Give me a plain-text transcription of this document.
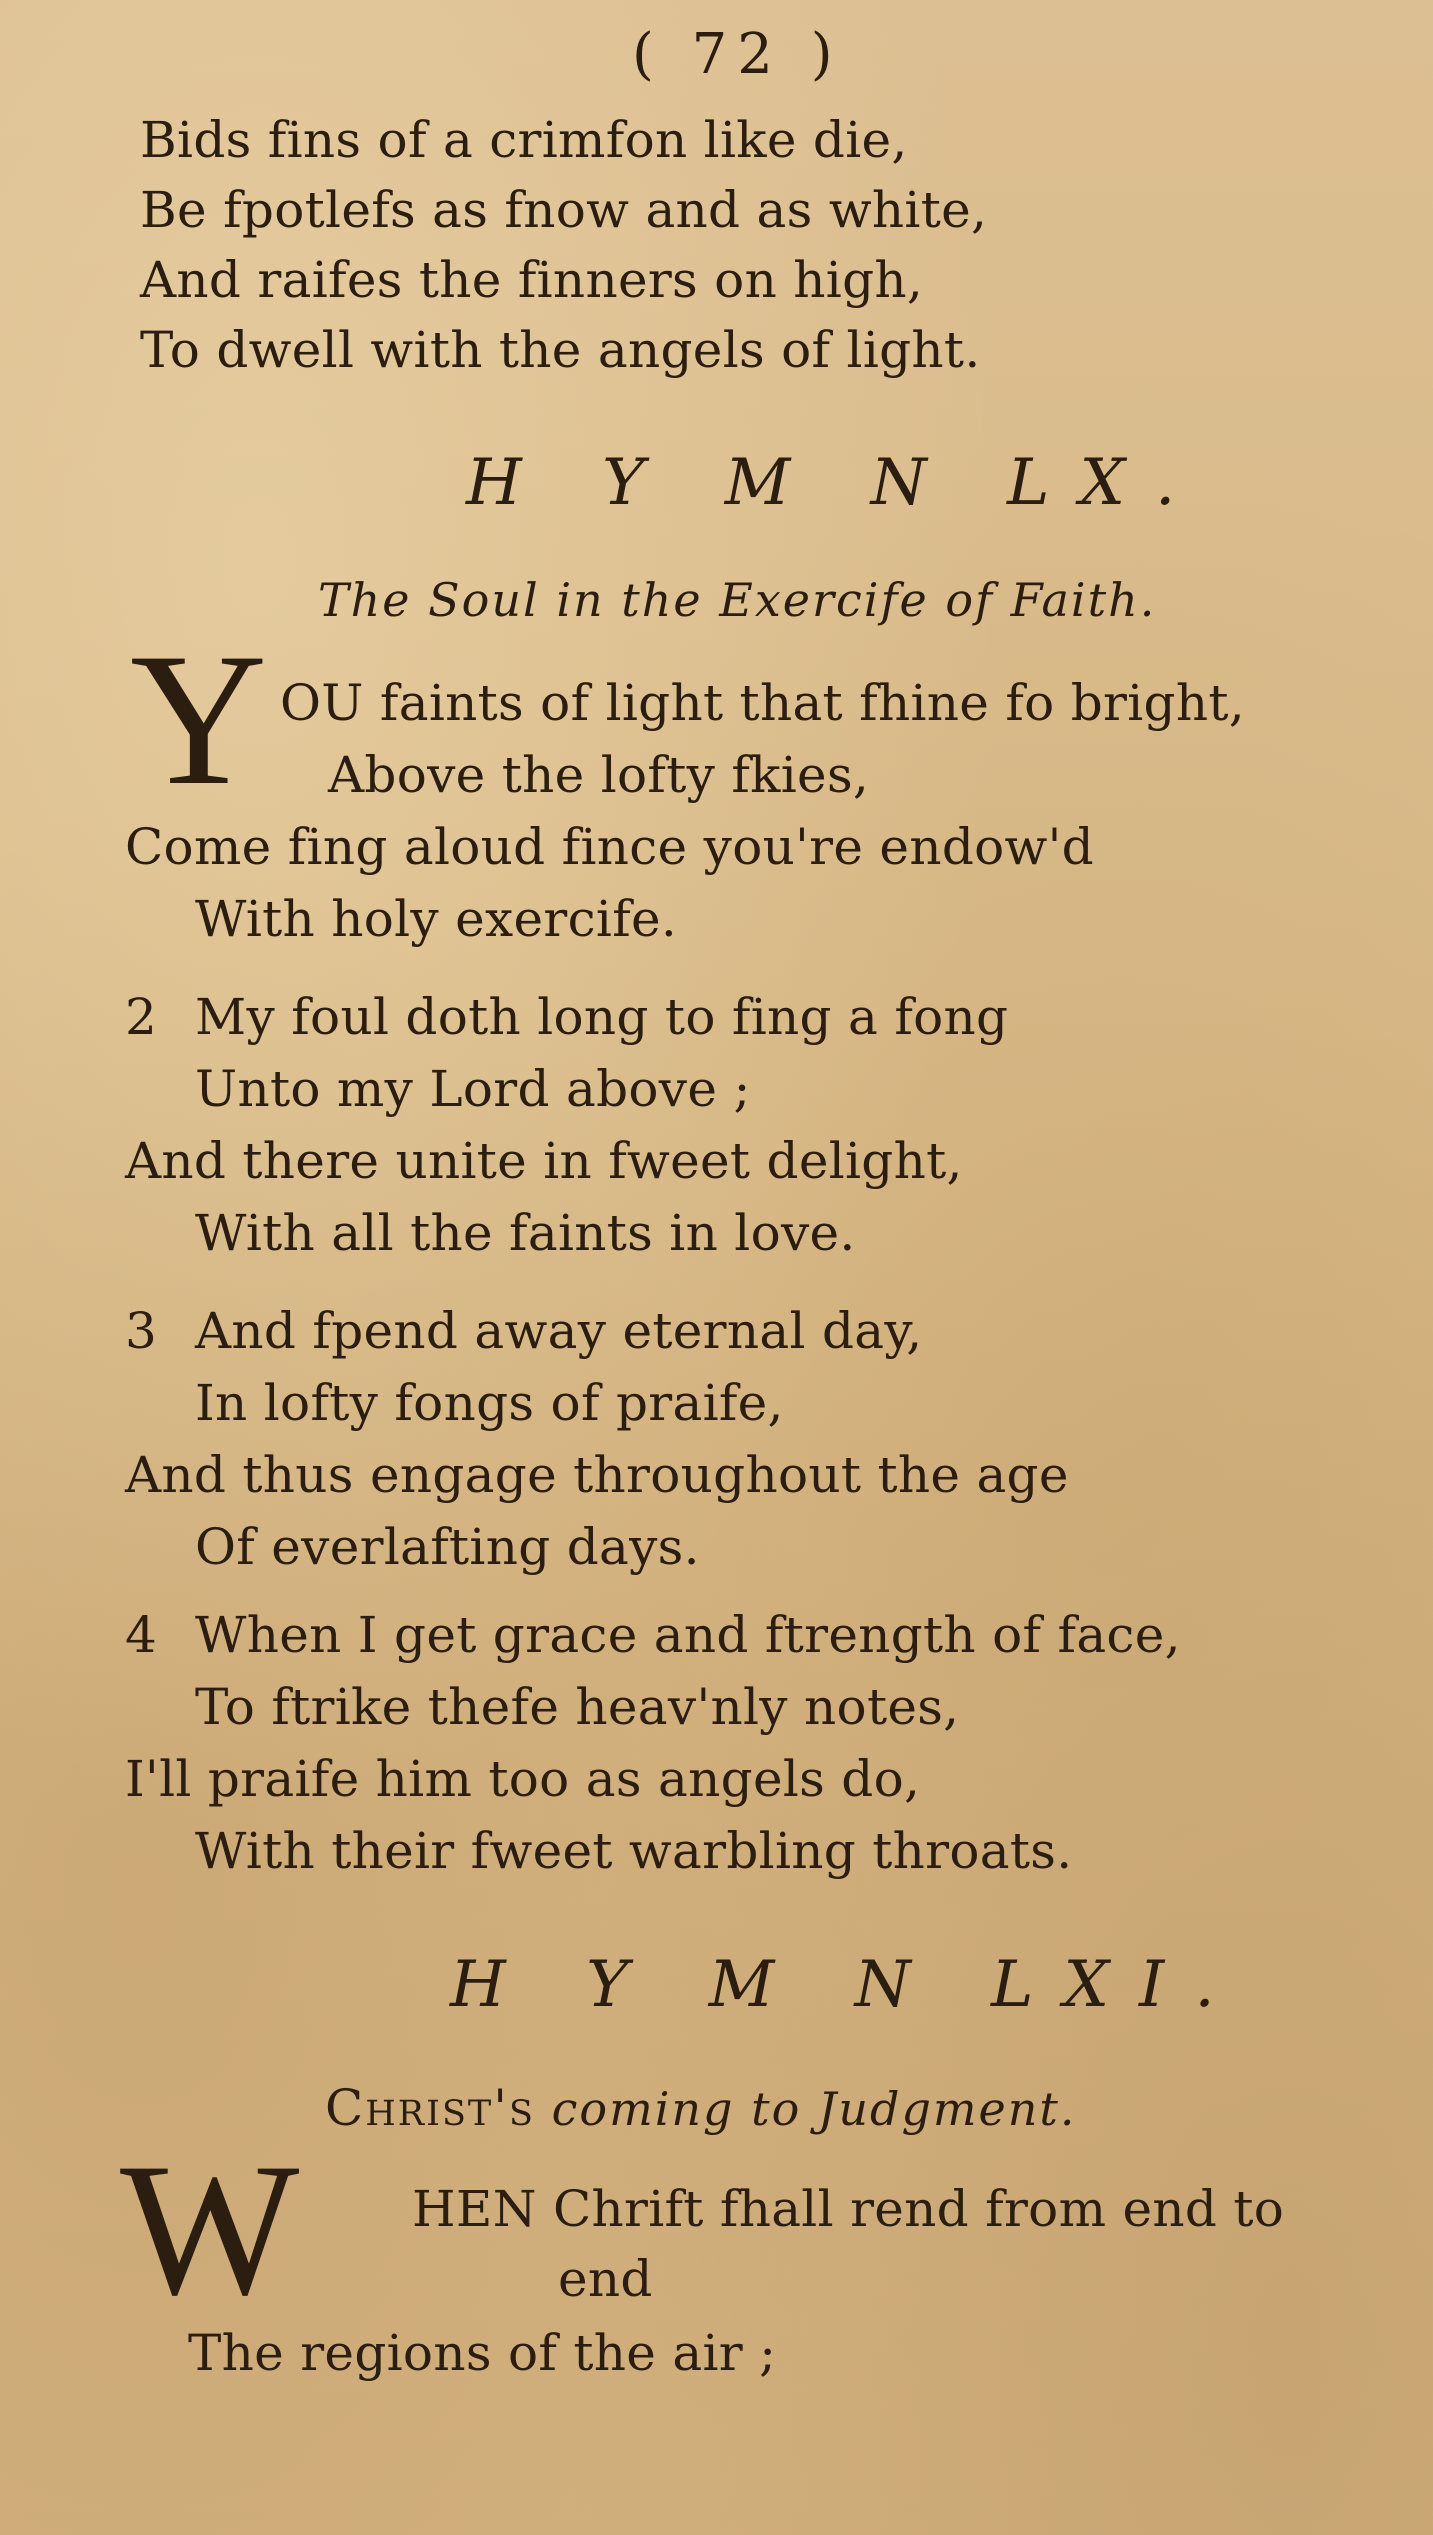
( 72 )
Bids fins of a crimfon like die,
Be fpotlefs as fnow and as white,
And raifes the finners on high,
To dwell with the angels of light.
H Y M N LX.
The Soul in the Exercife of Faith.
Y OU faints of light that fhine fo bright,
Above the lofty fkies,
Come fing aloud fince you're endow'd
With holy exercife.
2 My foul doth long to fing a fong
Unto my Lord above ;
And there unite in fweet delight,
With all the faints in love.
3 And fpend away eternal day,
In lofty fongs of praife,
And thus engage throughout the age
Of everlafting days.
4 When I get grace and ftrength of face,
To ftrike thefe heav'nly notes,
I'll praife him too as angels do,
With their fweet warbling throats.
H Y M N LXI.
Christ's coming to Judgment.
W HEN Chrift fhall rend from end to
end
The regions of the air ;
